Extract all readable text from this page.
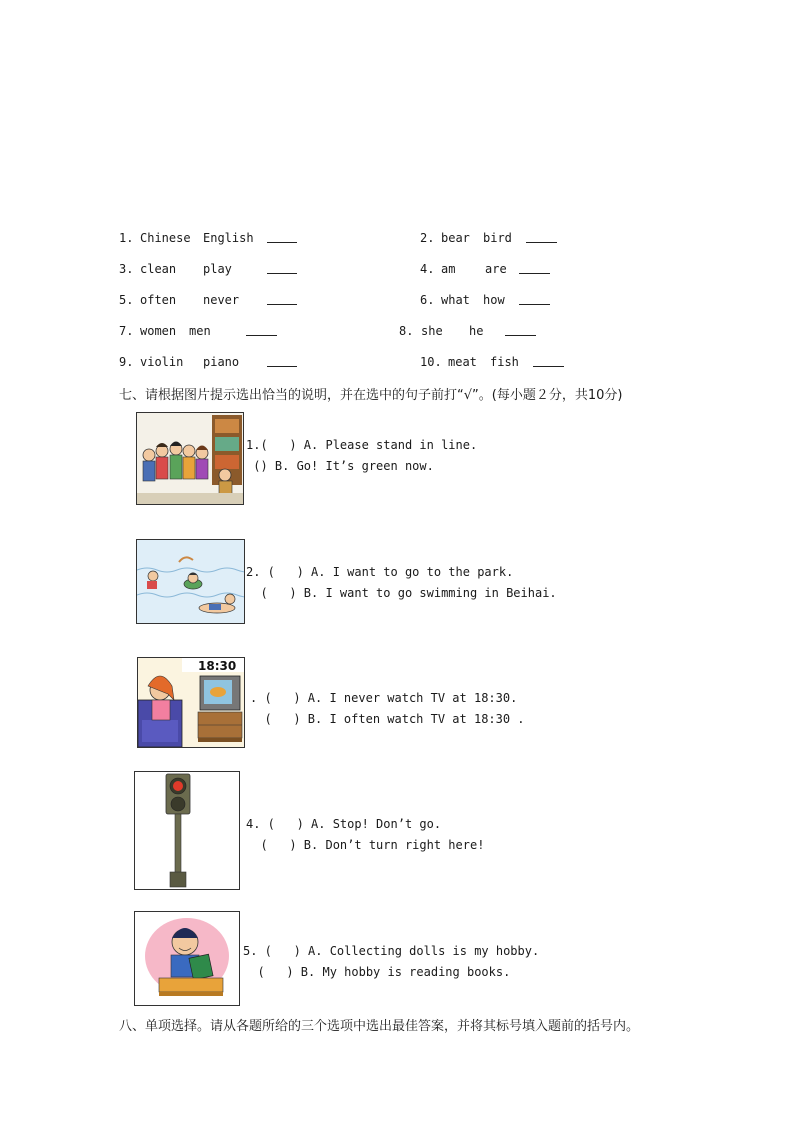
1. Chinese English	2. bear bird
3. clean play	4. am are
5. often never	6. what how
7. women men	8. she he
9. violin piano	10. meat fish
七、请根据图片提示选出恰当的说明，并在选中的句子前打“√”。(每小题２分，共10分)
1.(   ) A. Please stand in line.
() B. Go! It’s green now.
2. (   ) A. I want to go to the park.
(   ) B. I want to go swimming in Beihai.
18:30
. (   ) A. I never watch TV at 18:30.
(   ) B. I often watch TV at 18:30 .
4. (   ) A. Stop! Don’t go.
(   ) B. Don’t turn right here!
5. (   ) A. Collecting dolls is my hobby.
(   ) B. My hobby is reading books.
八、单项选择。请从各题所给的三个选项中选出最佳答案，并将其标号填入题前的括号内。
